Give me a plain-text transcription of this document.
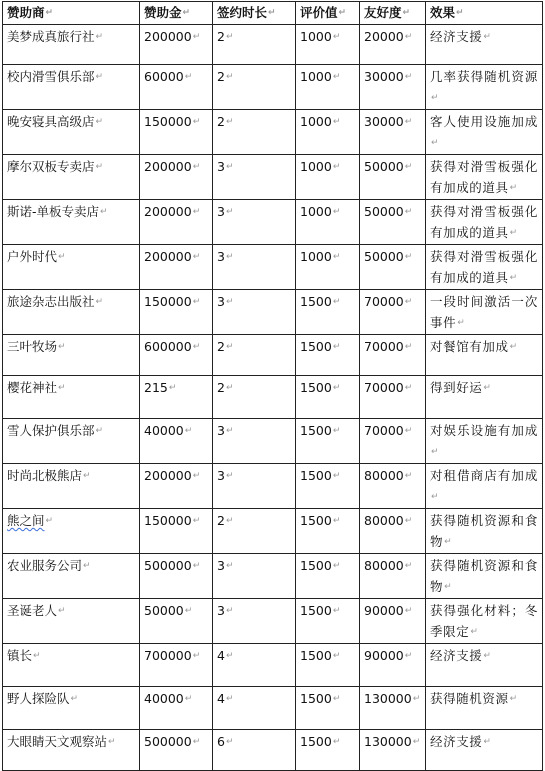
赞助商↵	赞助金↵	签约时长↵	评价值↵	友好度↵	效果↵
美梦成真旅行社↵	200000↵	2↵	1000↵	20000↵	经济支援↵
校内滑雪俱乐部↵	60000↵	2↵	1000↵	30000↵	几率获得随机资源↵
晚安寝具高级店↵	150000↵	2↵	1000↵	30000↵	客人使用设施加成↵
摩尔双板专卖店↵	200000↵	3↵	1000↵	50000↵	获得对滑雪板强化有加成的道具↵
斯诺-单板专卖店↵	200000↵	3↵	1000↵	50000↵	获得对滑雪板强化有加成的道具↵
户外时代↵	200000↵	3↵	1000↵	50000↵	获得对滑雪板强化有加成的道具↵
旅途杂志出版社↵	150000↵	3↵	1500↵	70000↵	一段时间激活一次事件↵
三叶牧场↵	600000↵	2↵	1500↵	70000↵	对餐馆有加成↵
樱花神社↵	215↵	2↵	1500↵	70000↵	得到好运↵
雪人保护俱乐部↵	40000↵	3↵	1500↵	70000↵	对娱乐设施有加成↵
时尚北极熊店↵	200000↵	3↵	1500↵	80000↵	对租借商店有加成↵
熊之间↵	150000↵	2↵	1500↵	80000↵	获得随机资源和食物↵
农业服务公司↵	500000↵	3↵	1500↵	80000↵	获得随机资源和食物↵
圣诞老人↵	50000↵	3↵	1500↵	90000↵	获得强化材料；冬季限定↵
镇长↵	700000↵	4↵	1500↵	90000↵	经济支援↵
野人探险队↵	40000↵	4↵	1500↵	130000↵	获得随机资源↵
大眼睛天文观察站↵	500000↵	6↵	1500↵	130000↵	经济支援↵
